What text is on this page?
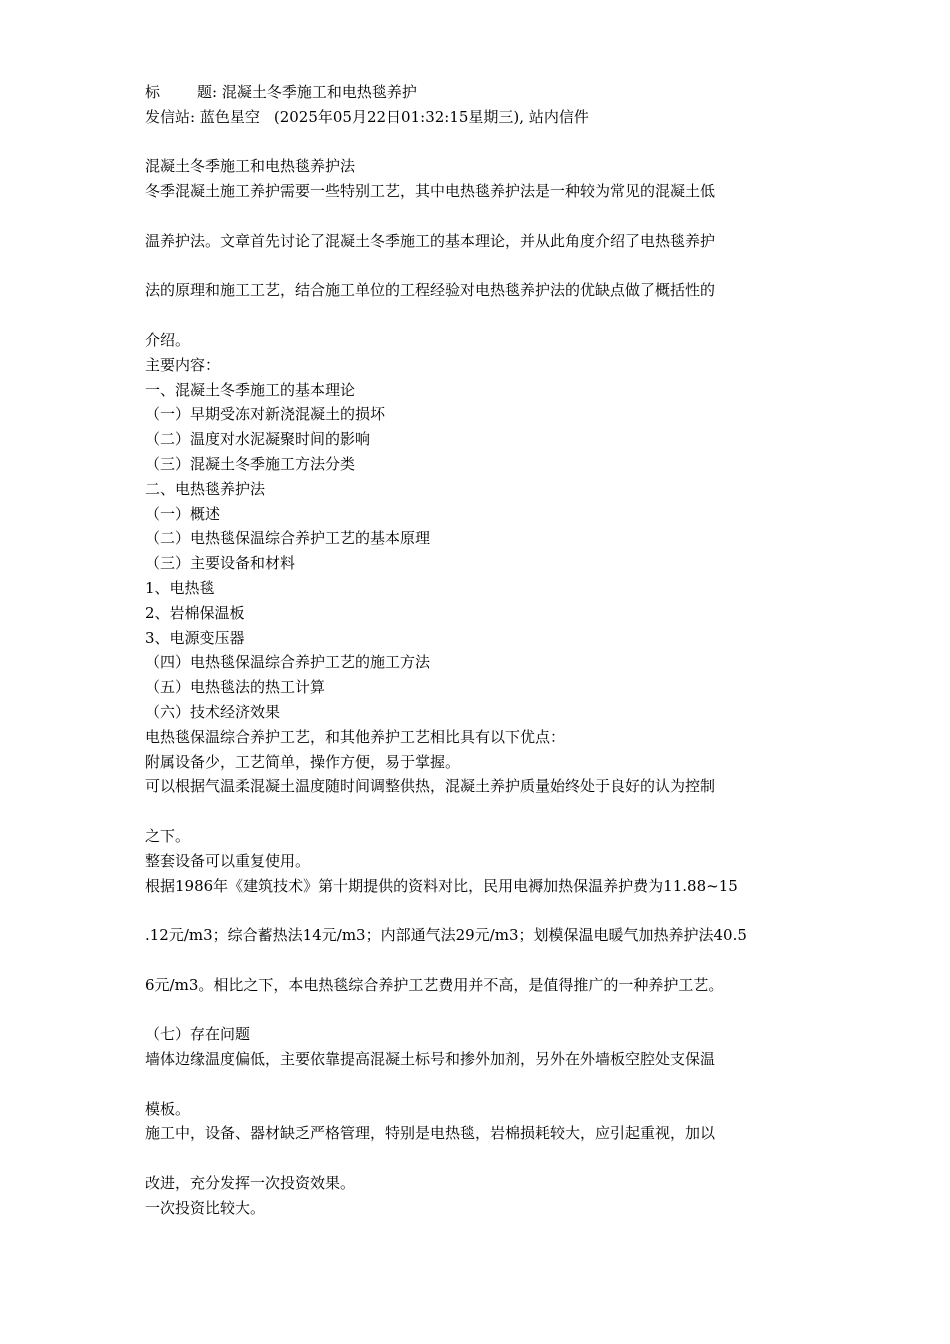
标 题: 混凝土冬季施工和电热毯养护
发信站: 蓝色星空 (2025年05月22日01:32:15星期三), 站内信件
混凝土冬季施工和电热毯养护法
冬季混凝土施工养护需要一些特别工艺，其中电热毯养护法是一种较为常见的混凝土低
温养护法。文章首先讨论了混凝土冬季施工的基本理论，并从此角度介绍了电热毯养护
法的原理和施工工艺，结合施工单位的工程经验对电热毯养护法的优缺点做了概括性的
介绍。
主要内容：
一、混凝土冬季施工的基本理论
（一）早期受冻对新浇混凝土的损坏
（二）温度对水泥凝聚时间的影响
（三）混凝土冬季施工方法分类
二、电热毯养护法
（一）概述
（二）电热毯保温综合养护工艺的基本原理
（三）主要设备和材料
1、电热毯
2、岩棉保温板
3、电源变压器
（四）电热毯保温综合养护工艺的施工方法
（五）电热毯法的热工计算
（六）技术经济效果
电热毯保温综合养护工艺，和其他养护工艺相比具有以下优点：
附属设备少，工艺简单，操作方便，易于掌握。
可以根据气温柔混凝土温度随时间调整供热，混凝土养护质量始终处于良好的认为控制
之下。
整套设备可以重复使用。
根据1986年《建筑技术》第十期提供的资料对比，民用电褥加热保温养护费为11.88~15
.12元/m3；综合蓄热法14元/m3；内部通气法29元/m3；划模保温电暖气加热养护法40.5
6元/m3。相比之下，本电热毯综合养护工艺费用并不高，是值得推广的一种养护工艺。
（七）存在问题
墙体边缘温度偏低，主要依靠提高混凝土标号和掺外加剂，另外在外墙板空腔处支保温
模板。
施工中，设备、器材缺乏严格管理，特别是电热毯，岩棉损耗较大，应引起重视，加以
改进，充分发挥一次投资效果。
一次投资比较大。
